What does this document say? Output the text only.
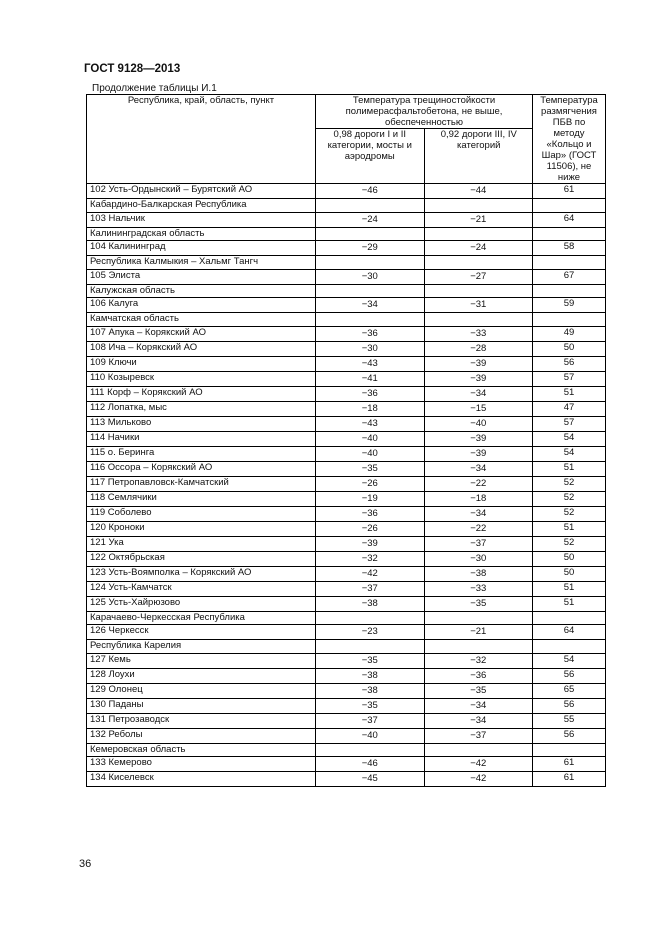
ГОСТ 9128—2013
Продолжение таблицы И.1
Республика, край, область, пункт	Температура трещиностойкости полимерасфальтобетона, не выше, обеспеченностью		Температура размягчения ПБВ по методу «Кольцо и Шар» (ГОСТ 11506), не ниже
	0,98 дороги I и II категории, мосты и аэродромы	0,92 дороги III, IV категорий	
102 Усть-Ордынский – Бурятский АО	−46	−44	61
Кабардино-Балкарская Республика			
103 Нальчик	−24	−21	64
Калининградская область			
104 Калининград	−29	−24	58
Республика Калмыкия – Хальмг Тангч			
105 Элиста	−30	−27	67
Калужская область			
106 Калуга	−34	−31	59
Камчатская область			
107 Апука – Корякский АО	−36	−33	49
108 Ича – Корякский АО	−30	−28	50
109 Ключи	−43	−39	56
110 Козыревск	−41	−39	57
111 Корф – Корякский АО	−36	−34	51
112 Лопатка, мыс	−18	−15	47
113 Мильково	−43	−40	57
114 Начики	−40	−39	54
115 о. Беринга	−40	−39	54
116 Оссора – Корякский АО	−35	−34	51
117 Петропавловск-Камчатский	−26	−22	52
118 Семлячики	−19	−18	52
119 Соболево	−36	−34	52
120 Кроноки	−26	−22	51
121 Ука	−39	−37	52
122 Октябрьская	−32	−30	50
123 Усть-Воямполка – Корякский АО	−42	−38	50
124 Усть-Камчатск	−37	−33	51
125 Усть-Хайрюзово	−38	−35	51
Карачаево-Черкесская Республика			
126 Черкесск	−23	−21	64
Республика Карелия			
127 Кемь	−35	−32	54
128 Лоухи	−38	−36	56
129 Олонец	−38	−35	65
130 Паданы	−35	−34	56
131 Петрозаводск	−37	−34	55
132 Реболы	−40	−37	56
Кемеровская область			
133 Кемерово	−46	−42	61
134 Киселевск	−45	−42	61
36
